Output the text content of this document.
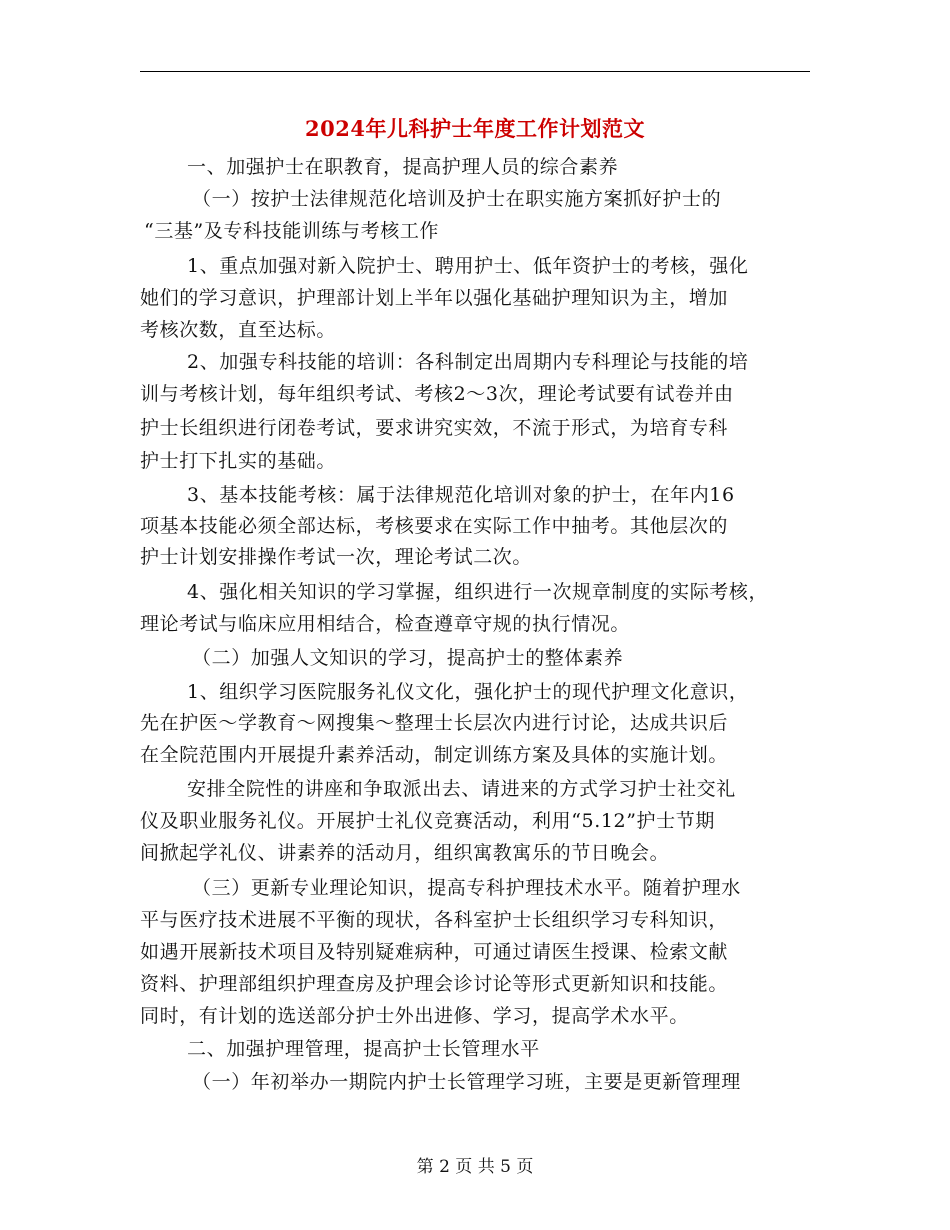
2024年儿科护士年度工作计划范文
一、加强护士在职教育，提高护理人员的综合素养
（一）按护士法律规范化培训及护士在职实施方案抓好护士的
“三基”及专科技能训练与考核工作
1、重点加强对新入院护士、聘用护士、低年资护士的考核，强化
她们的学习意识，护理部计划上半年以强化基础护理知识为主，增加
考核次数，直至达标。
2、加强专科技能的培训：各科制定出周期内专科理论与技能的培
训与考核计划，每年组织考试、考核2～3次，理论考试要有试卷并由
护士长组织进行闭卷考试，要求讲究实效，不流于形式，为培育专科
护士打下扎实的基础。
3、基本技能考核：属于法律规范化培训对象的护士，在年内16
项基本技能必须全部达标，考核要求在实际工作中抽考。其他层次的
护士计划安排操作考试一次，理论考试二次。
4、强化相关知识的学习掌握，组织进行一次规章制度的实际考核，
理论考试与临床应用相结合，检查遵章守规的执行情况。
（二）加强人文知识的学习，提高护士的整体素养
1、组织学习医院服务礼仪文化，强化护士的现代护理文化意识，
先在护医～学教育～网搜集～整理士长层次内进行讨论，达成共识后
在全院范围内开展提升素养活动，制定训练方案及具体的实施计划。
安排全院性的讲座和争取派出去、请进来的方式学习护士社交礼
仪及职业服务礼仪。开展护士礼仪竞赛活动，利用“5.12”护士节期
间掀起学礼仪、讲素养的活动月，组织寓教寓乐的节日晚会。
（三）更新专业理论知识，提高专科护理技术水平。随着护理水
平与医疗技术进展不平衡的现状，各科室护士长组织学习专科知识，
如遇开展新技术项目及特别疑难病种，可通过请医生授课、检索文献
资料、护理部组织护理查房及护理会诊讨论等形式更新知识和技能。
同时，有计划的选送部分护士外出进修、学习，提高学术水平。
二、加强护理管理，提高护士长管理水平
（一）年初举办一期院内护士长管理学习班，主要是更新管理理
第 2 页 共 5 页
